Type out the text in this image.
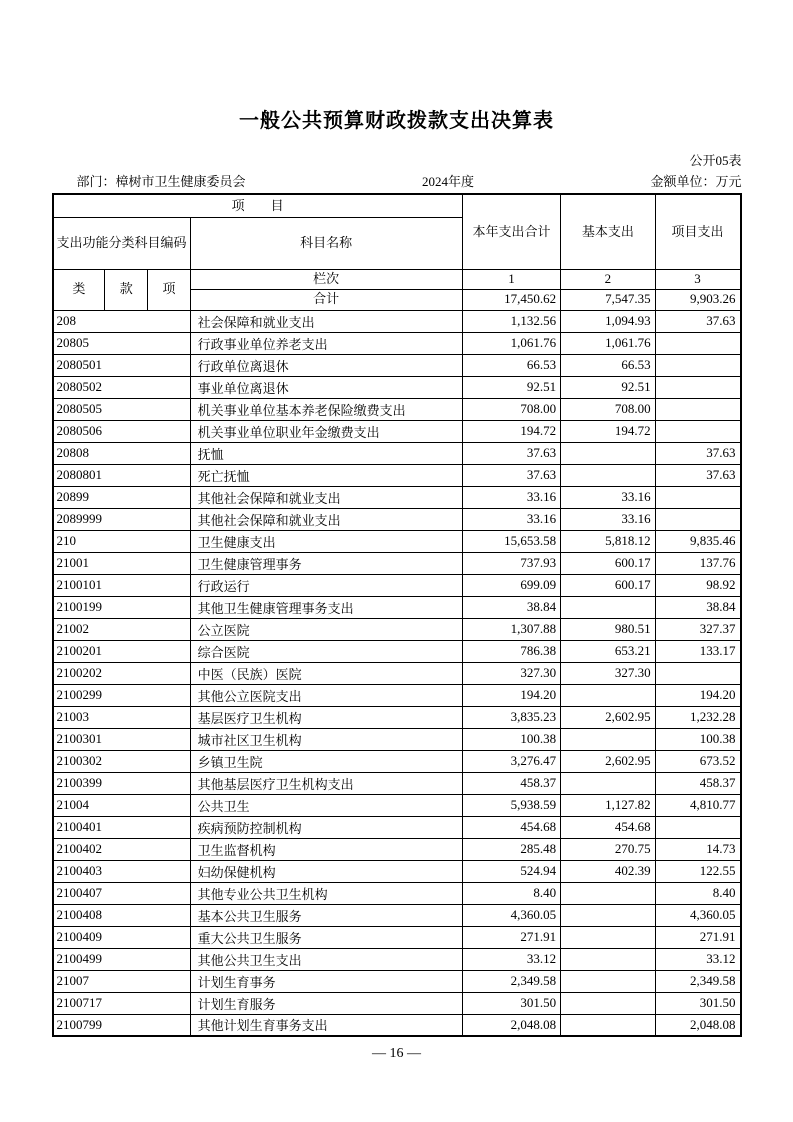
一般公共预算财政拨款支出决算表
公开05表
部门：樟树市卫生健康委员会	2024年度	金额单位：万元
项　　目				本年支出合计	基本支出	项目支出
支出功能分类科目编码			科目名称			
类	款	项	栏次	1	2	3
			合计	17,450.62	7,547.35	9,903.26
208			社会保障和就业支出	1,132.56	1,094.93	37.63
20805			行政事业单位养老支出	1,061.76	1,061.76	
2080501			行政单位离退休	66.53	66.53	
2080502			事业单位离退休	92.51	92.51	
2080505			机关事业单位基本养老保险缴费支出	708.00	708.00	
2080506			机关事业单位职业年金缴费支出	194.72	194.72	
20808			抚恤	37.63		37.63
2080801			死亡抚恤	37.63		37.63
20899			其他社会保障和就业支出	33.16	33.16	
2089999			其他社会保障和就业支出	33.16	33.16	
210			卫生健康支出	15,653.58	5,818.12	9,835.46
21001			卫生健康管理事务	737.93	600.17	137.76
2100101			行政运行	699.09	600.17	98.92
2100199			其他卫生健康管理事务支出	38.84		38.84
21002			公立医院	1,307.88	980.51	327.37
2100201			综合医院	786.38	653.21	133.17
2100202			中医（民族）医院	327.30	327.30	
2100299			其他公立医院支出	194.20		194.20
21003			基层医疗卫生机构	3,835.23	2,602.95	1,232.28
2100301			城市社区卫生机构	100.38		100.38
2100302			乡镇卫生院	3,276.47	2,602.95	673.52
2100399			其他基层医疗卫生机构支出	458.37		458.37
21004			公共卫生	5,938.59	1,127.82	4,810.77
2100401			疾病预防控制机构	454.68	454.68	
2100402			卫生监督机构	285.48	270.75	14.73
2100403			妇幼保健机构	524.94	402.39	122.55
2100407			其他专业公共卫生机构	8.40		8.40
2100408			基本公共卫生服务	4,360.05		4,360.05
2100409			重大公共卫生服务	271.91		271.91
2100499			其他公共卫生支出	33.12		33.12
21007			计划生育事务	2,349.58		2,349.58
2100717			计划生育服务	301.50		301.50
2100799			其他计划生育事务支出	2,048.08		2,048.08
— 16 —
